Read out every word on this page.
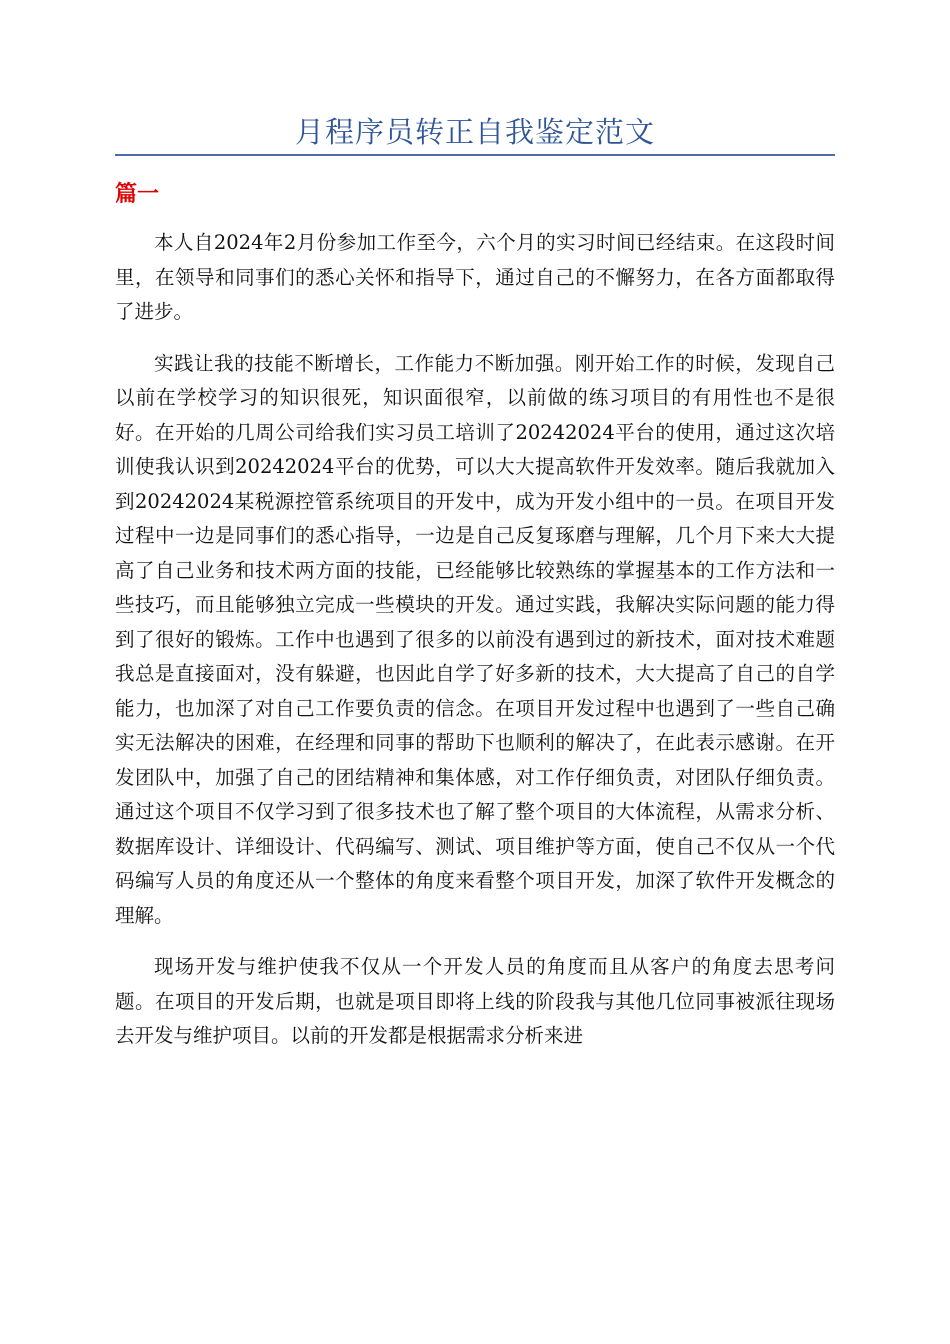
月程序员转正自我鉴定范文
篇一

本人自2024年2月份参加工作至今，六个月的实习时间已经结束。在这段时间里，在领导和同事们的悉心关怀和指导下，通过自己的不懈努力，在各方面都取得了进步。

实践让我的技能不断增长，工作能力不断加强。刚开始工作的时候，发现自己以前在学校学习的知识很死，知识面很窄，以前做的练习项目的有用性也不是很好。在开始的几周公司给我们实习员工培训了20242024平台的使用，通过这次培训使我认识到20242024平台的优势，可以大大提高软件开发效率。随后我就加入到20242024某税源控管系统项目的开发中，成为开发小组中的一员。在项目开发过程中一边是同事们的悉心指导，一边是自己反复琢磨与理解，几个月下来大大提高了自己业务和技术两方面的技能，已经能够比较熟练的掌握基本的工作方法和一些技巧，而且能够独立完成一些模块的开发。通过实践，我解决实际问题的能力得到了很好的锻炼。工作中也遇到了很多的以前没有遇到过的新技术，面对技术难题我总是直接面对，没有躲避，也因此自学了好多新的技术，大大提高了自己的自学能力，也加深了对自己工作要负责的信念。在项目开发过程中也遇到了一些自己确实无法解决的困难，在经理和同事的帮助下也顺利的解决了，在此表示感谢。在开发团队中，加强了自己的团结精神和集体感，对工作仔细负责，对团队仔细负责。通过这个项目不仅学习到了很多技术也了解了整个项目的大体流程，从需求分析、数据库设计、详细设计、代码编写、测试、项目维护等方面，使自己不仅从一个代码编写人员的角度还从一个整体的角度来看整个项目开发，加深了软件开发概念的理解。

现场开发与维护使我不仅从一个开发人员的角度而且从客户的角度去思考问题。在项目的开发后期，也就是项目即将上线的阶段我与其他几位同事被派往现场去开发与维护项目。以前的开发都是根据需求分析来进
